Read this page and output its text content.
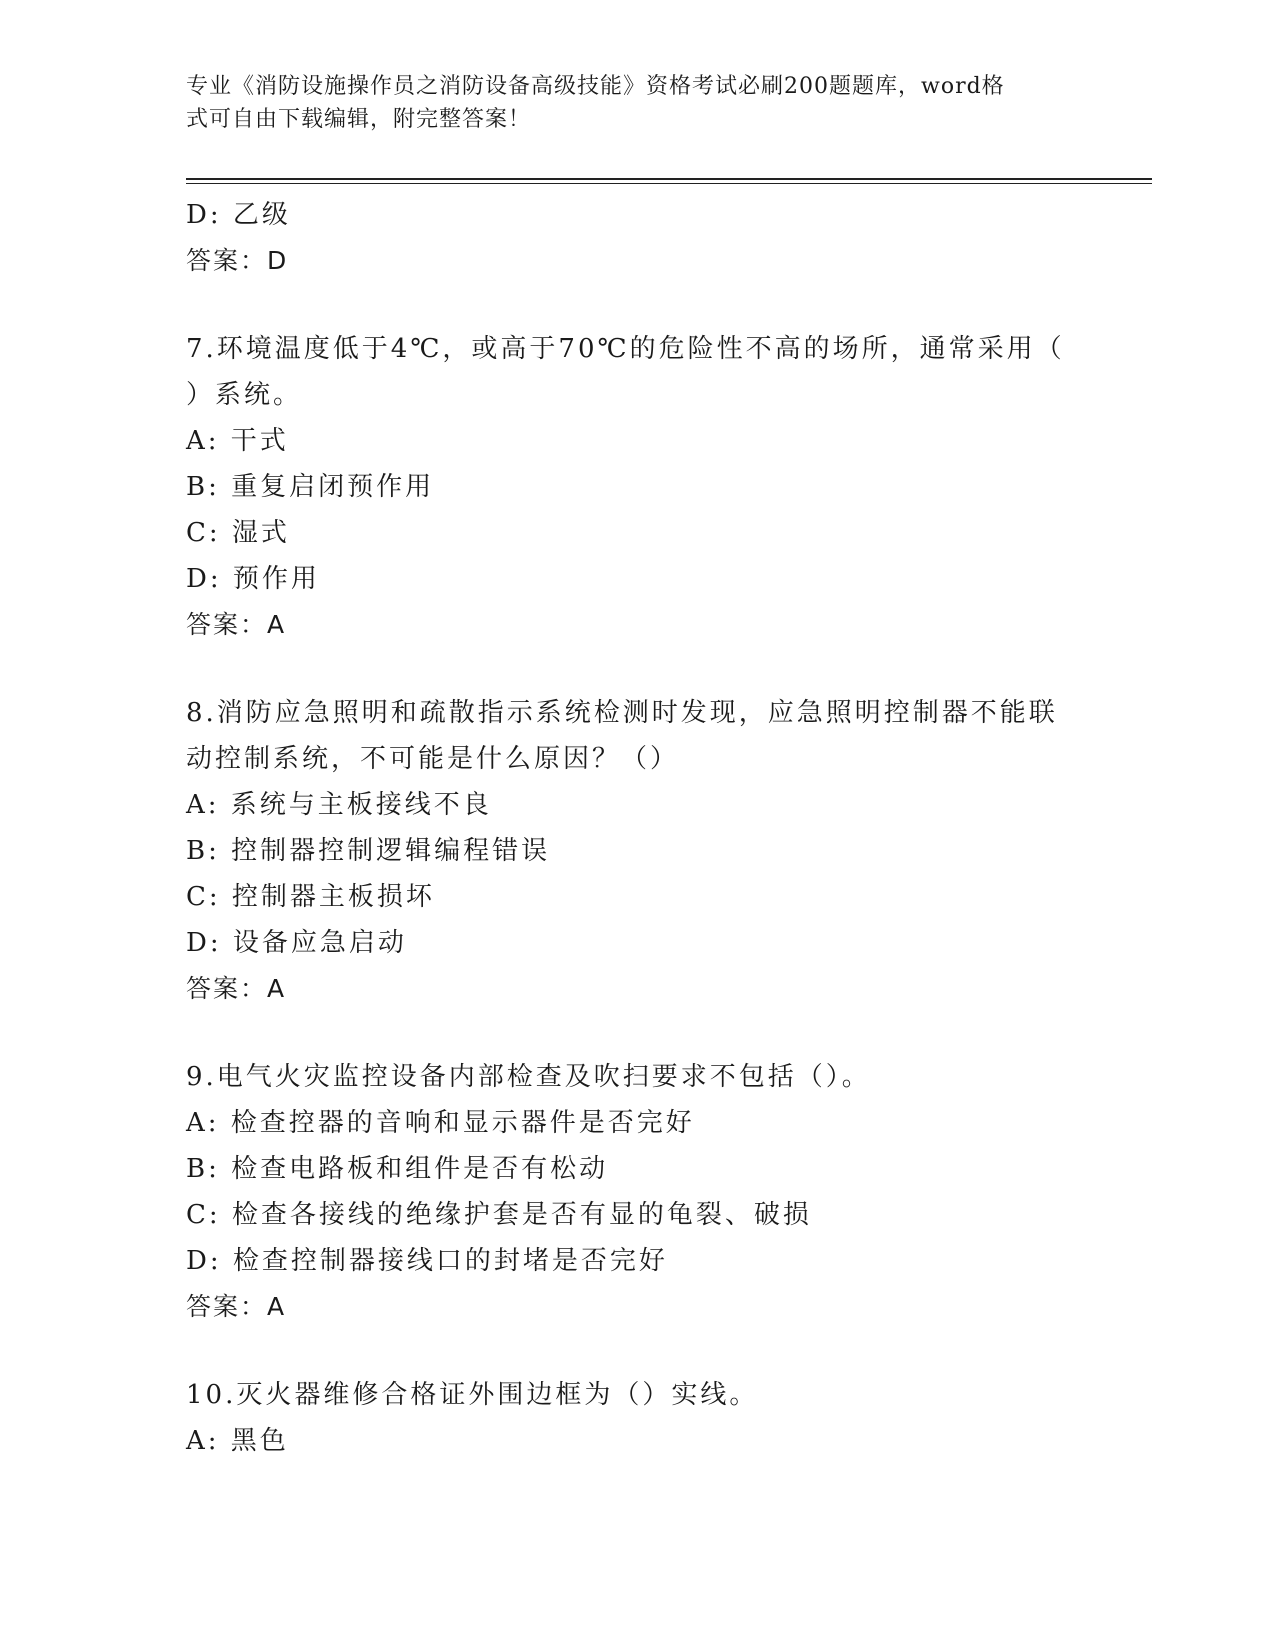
专业《消防设施操作员之消防设备高级技能》资格考试必刷200题题库，word格
式可自由下载编辑，附完整答案！
D: 乙级
答案：D
7.环境温度低于4℃，或高于70℃的危险性不高的场所，通常采用（
）系统。
A: 干式
B: 重复启闭预作用
C: 湿式
D: 预作用
答案：A
8.消防应急照明和疏散指示系统检测时发现，应急照明控制器不能联
动控制系统，不可能是什么原因？（）
A: 系统与主板接线不良
B: 控制器控制逻辑编程错误
C: 控制器主板损坏
D: 设备应急启动
答案：A
9.电气火灾监控设备内部检查及吹扫要求不包括（）。
A: 检查控器的音响和显示器件是否完好
B: 检查电路板和组件是否有松动
C: 检查各接线的绝缘护套是否有显的龟裂、破损
D: 检查控制器接线口的封堵是否完好
答案：A
10.灭火器维修合格证外围边框为（）实线。
A: 黑色
